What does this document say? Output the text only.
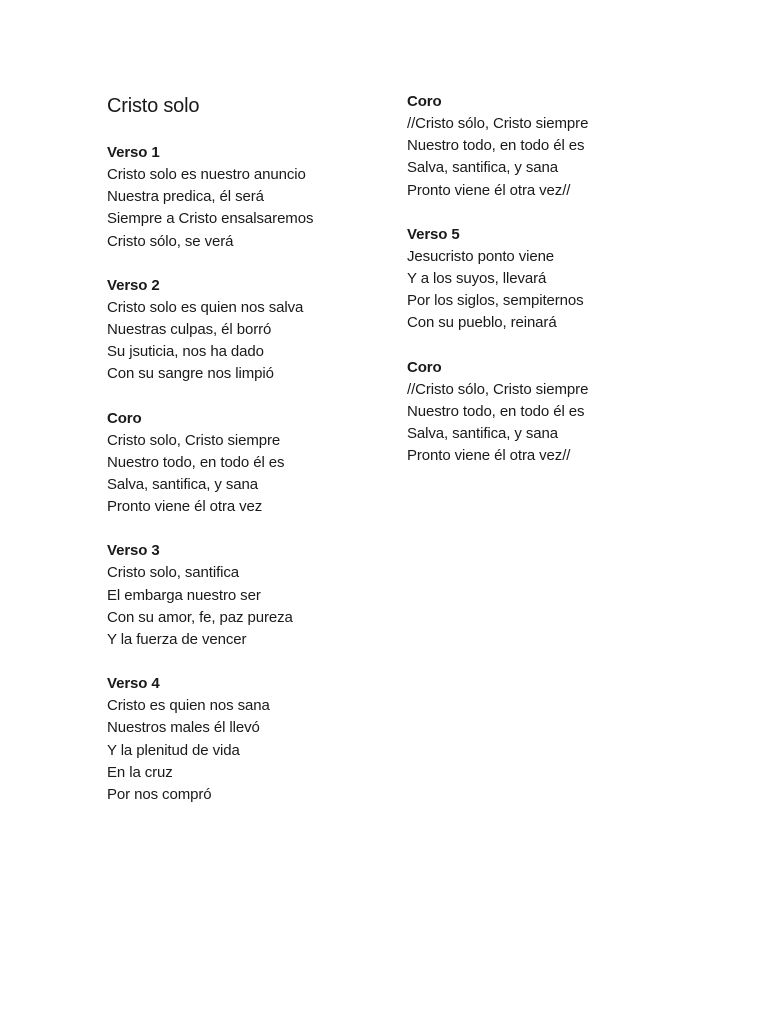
Cristo solo

Verso 1

Cristo solo es nuestro anuncio

Nuestra predica, él será

Siempre a Cristo ensalsaremos

Cristo sólo, se verá

Verso 2

Cristo solo es quien nos salva

Nuestras culpas, él borró

Su jsuticia, nos ha dado

Con su sangre nos limpió

Coro

Cristo solo, Cristo siempre

Nuestro todo, en todo él es

Salva, santifica, y sana

Pronto viene él otra vez

Verso 3

Cristo solo, santifica

El embarga nuestro ser

Con su amor, fe, paz pureza

Y la fuerza de vencer

Verso 4

Cristo es quien nos sana

Nuestros males él llevó

Y la plenitud de vida

En la cruz

Por nos compró

Coro

//Cristo sólo, Cristo siempre

Nuestro todo, en todo él es

Salva, santifica, y sana

Pronto viene él otra vez//

Verso 5

Jesucristo ponto viene

Y a los suyos, llevará

Por los siglos, sempiternos

Con su pueblo, reinará

Coro

//Cristo sólo, Cristo siempre

Nuestro todo, en todo él es

Salva, santifica, y sana

Pronto viene él otra vez//
